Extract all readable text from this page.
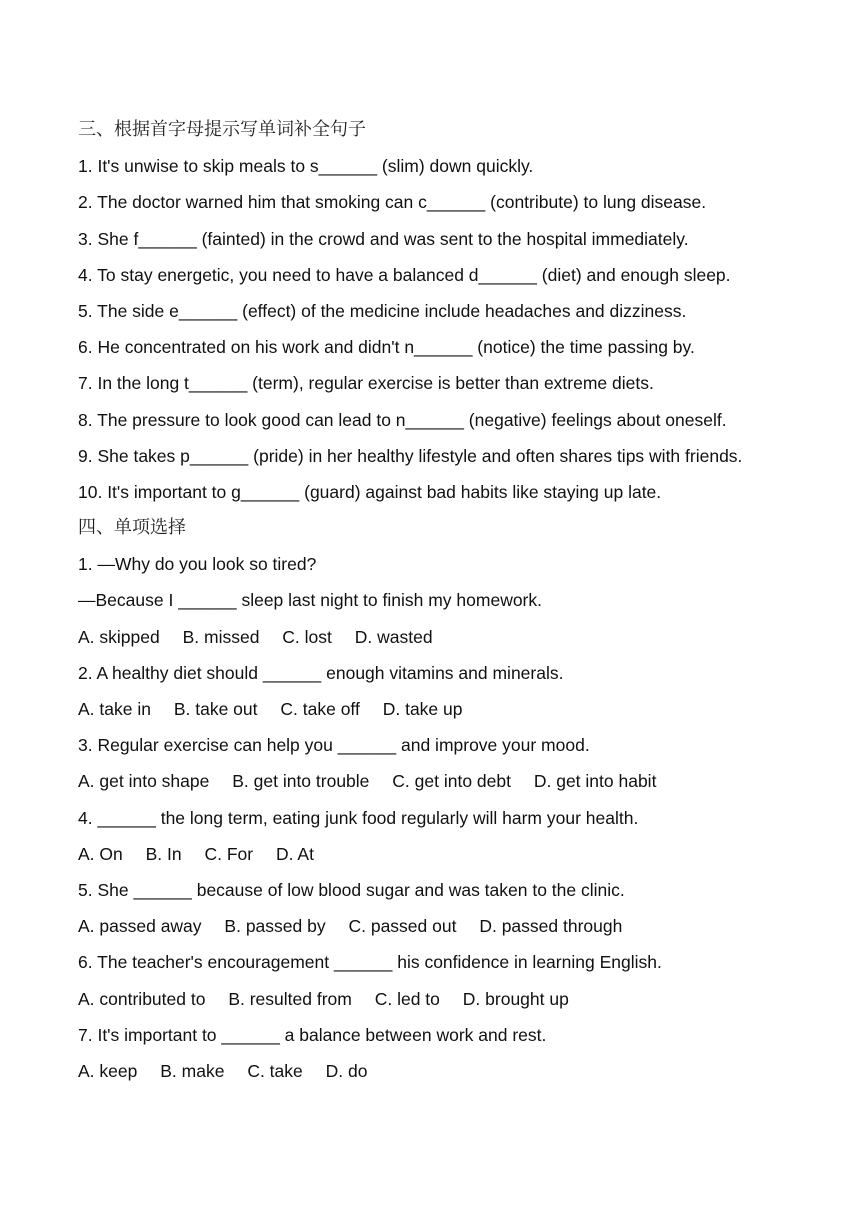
三、根据首字母提示写单词补全句子
1. It's unwise to skip meals to s______ (slim) down quickly.
2. The doctor warned him that smoking can c______ (contribute) to lung disease.
3. She f______ (fainted) in the crowd and was sent to the hospital immediately.
4. To stay energetic, you need to have a balanced d______ (diet) and enough sleep.
5. The side e______ (effect) of the medicine include headaches and dizziness.
6. He concentrated on his work and didn't n______ (notice) the time passing by.
7. In the long t______ (term), regular exercise is better than extreme diets.
8. The pressure to look good can lead to n______ (negative) feelings about oneself.
9. She takes p______ (pride) in her healthy lifestyle and often shares tips with friends.
10. It's important to g______ (guard) against bad habits like staying up late.
四、单项选择
1. —Why do you look so tired?
—Because I ______ sleep last night to finish my homework.
A. skipped B. missed C. lost D. wasted
2. A healthy diet should ______ enough vitamins and minerals.
A. take in B. take out C. take off D. take up
3. Regular exercise can help you ______ and improve your mood.
A. get into shape B. get into trouble C. get into debt D. get into habit
4. ______ the long term, eating junk food regularly will harm your health.
A. On B. In C. For D. At
5. She ______ because of low blood sugar and was taken to the clinic.
A. passed away B. passed by C. passed out D. passed through
6. The teacher's encouragement ______ his confidence in learning English.
A. contributed to B. resulted from C. led to D. brought up
7. It's important to ______ a balance between work and rest.
A. keep B. make C. take D. do
